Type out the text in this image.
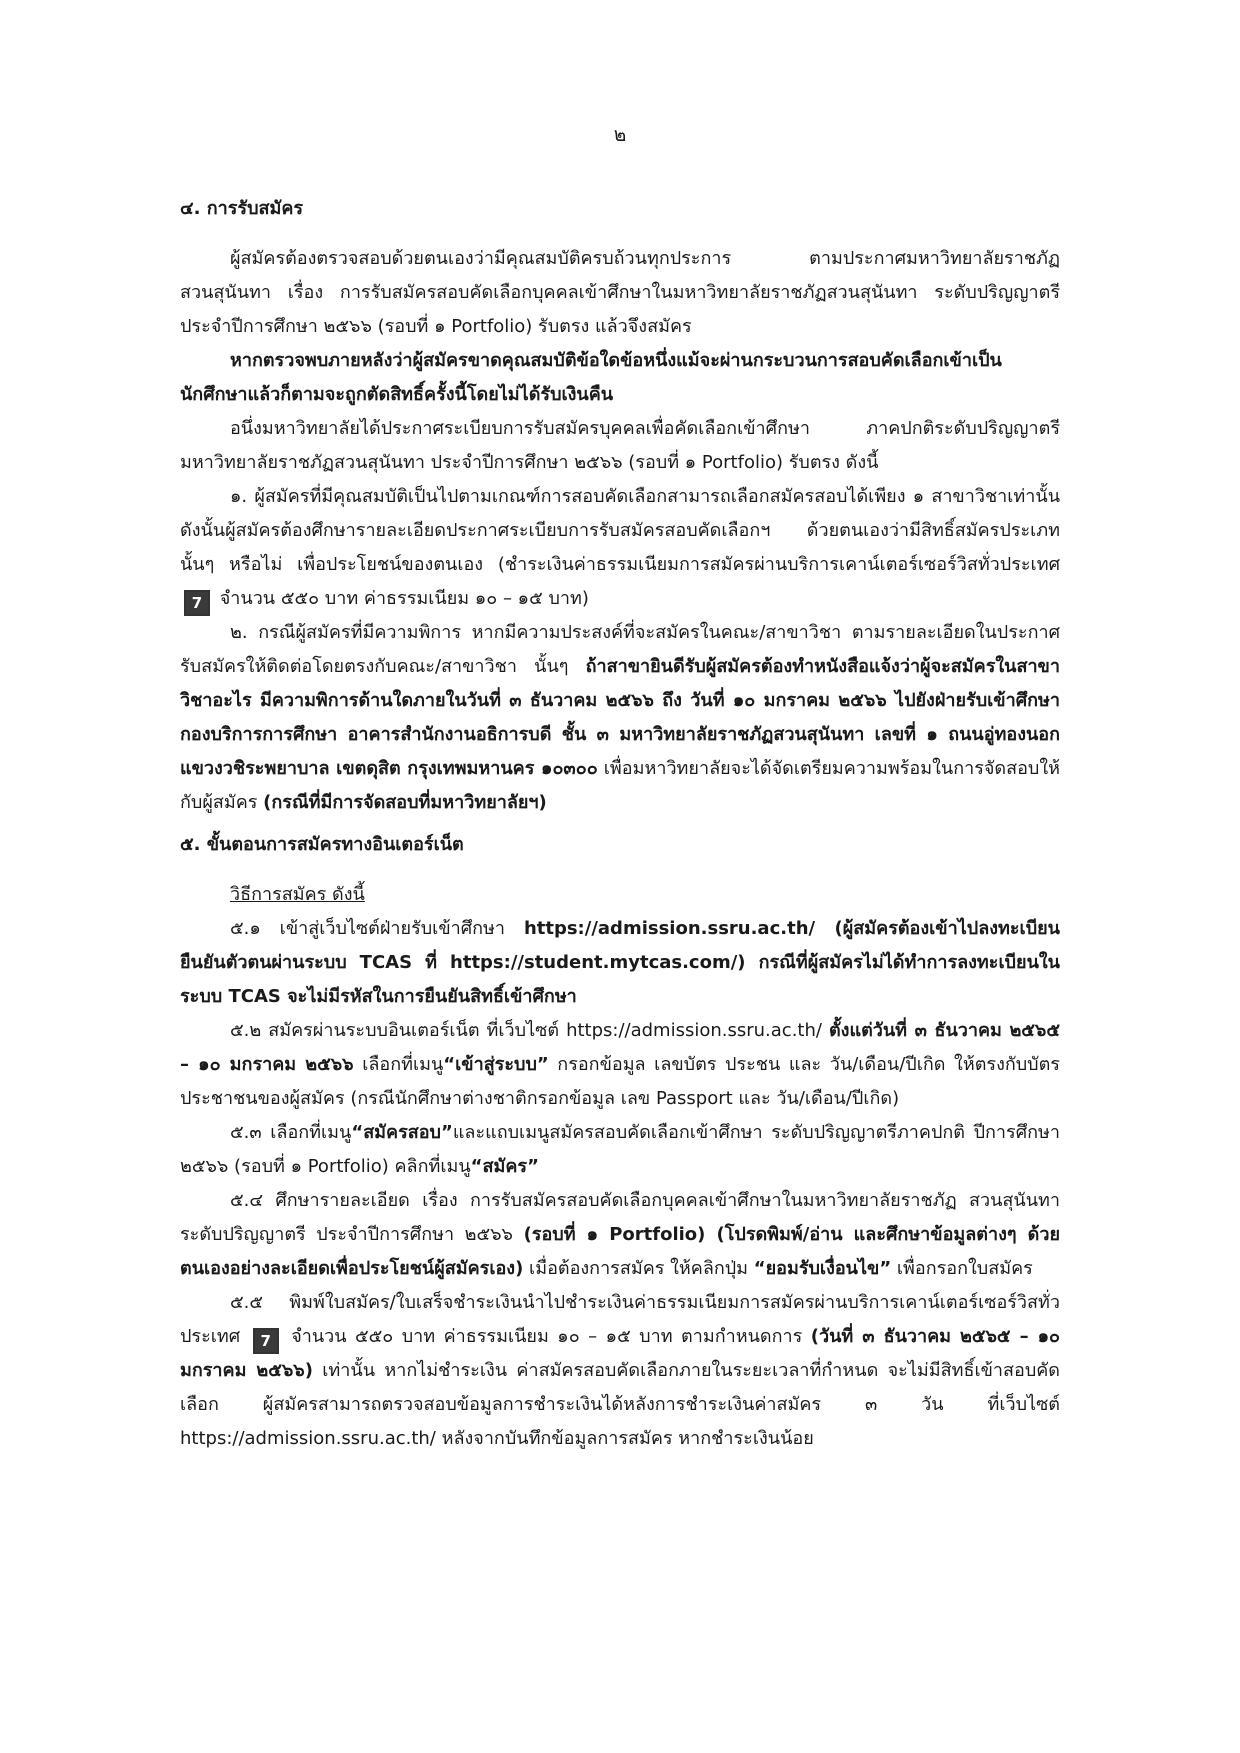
๒

๔. การรับสมัคร

ผู้สมัครต้องตรวจสอบด้วยตนเองว่ามีคุณสมบัติครบถ้วนทุกประการ ตามประกาศมหาวิทยาลัยราชภัฏสวนสุนันทา เรื่อง การรับสมัครสอบคัดเลือกบุคคลเข้าศึกษาในมหาวิทยาลัยราชภัฏสวนสุนันทา ระดับปริญญาตรี ประจำปีการศึกษา ๒๕๖๖ (รอบที่ ๑ Portfolio) รับตรง แล้วจึงสมัคร

หากตรวจพบภายหลังว่าผู้สมัครขาดคุณสมบัติข้อใดข้อหนึ่งแม้จะผ่านกระบวนการสอบคัดเลือกเข้าเป็นนักศึกษาแล้วก็ตามจะถูกตัดสิทธิ์ครั้งนี้โดยไม่ได้รับเงินคืน

อนึ่งมหาวิทยาลัยได้ประกาศระเบียบการรับสมัครบุคคลเพื่อคัดเลือกเข้าศึกษา ภาคปกติระดับปริญญาตรี มหาวิทยาลัยราชภัฏสวนสุนันทา ประจำปีการศึกษา ๒๕๖๖ (รอบที่ ๑ Portfolio) รับตรง ดังนี้

๑. ผู้สมัครที่มีคุณสมบัติเป็นไปตามเกณฑ์การสอบคัดเลือกสามารถเลือกสมัครสอบได้เพียง ๑ สาขาวิชาเท่านั้น ดังนั้นผู้สมัครต้องศึกษารายละเอียดประกาศระเบียบการรับสมัครสอบคัดเลือกฯ ด้วยตนเองว่ามีสิทธิ์สมัครประเภทนั้นๆ หรือไม่ เพื่อประโยชน์ของตนเอง (ชำระเงินค่าธรรมเนียมการสมัครผ่านบริการเคาน์เตอร์เซอร์วิสทั่วประเทศ 7 จำนวน ๕๕๐ บาท ค่าธรรมเนียม ๑๐ – ๑๕ บาท)

๒. กรณีผู้สมัครที่มีความพิการ หากมีความประสงค์ที่จะสมัครในคณะ/สาขาวิชา ตามรายละเอียดในประกาศรับสมัครให้ติดต่อโดยตรงกับคณะ/สาขาวิชา นั้นๆ ถ้าสาขายินดีรับผู้สมัครต้องทำหนังสือแจ้งว่าผู้จะสมัครในสาขาวิชาอะไร มีความพิการด้านใดภายในวันที่ ๓ ธันวาคม ๒๕๖๖ ถึง วันที่ ๑๐ มกราคม ๒๕๖๖ ไปยังฝ่ายรับเข้าศึกษา กองบริการการศึกษา อาคารสำนักงานอธิการบดี ชั้น ๓ มหาวิทยาลัยราชภัฏสวนสุนันทา เลขที่ ๑ ถนนอู่ทองนอก แขวงวชิระพยาบาล เขตดุสิต กรุงเทพมหานคร ๑๐๓๐๐ เพื่อมหาวิทยาลัยจะได้จัดเตรียมความพร้อมในการจัดสอบให้กับผู้สมัคร (กรณีที่มีการจัดสอบที่มหาวิทยาลัยฯ)

๕. ขั้นตอนการสมัครทางอินเตอร์เน็ต

วิธีการสมัคร ดังนี้

๕.๑ เข้าสู่เว็บไซต์ฝ่ายรับเข้าศึกษา https://admission.ssru.ac.th/ (ผู้สมัครต้องเข้าไปลงทะเบียนยืนยันตัวตนผ่านระบบ TCAS ที่ https://student.mytcas.com/) กรณีที่ผู้สมัครไม่ได้ทำการลงทะเบียนในระบบ TCAS จะไม่มีรหัสในการยืนยันสิทธิ์เข้าศึกษา

๕.๒ สมัครผ่านระบบอินเตอร์เน็ต ที่เว็บไซต์ https://admission.ssru.ac.th/ ตั้งแต่วันที่ ๓ ธันวาคม ๒๕๖๕ – ๑๐ มกราคม ๒๕๖๖ เลือกที่เมนู“เข้าสู่ระบบ” กรอกข้อมูล เลขบัตร ประชน และ วัน/เดือน/ปีเกิด ให้ตรงกับบัตรประชาชนของผู้สมัคร (กรณีนักศึกษาต่างชาติกรอกข้อมูล เลข Passport และ วัน/เดือน/ปีเกิด)

๕.๓ เลือกที่เมนู“สมัครสอบ”และแถบเมนูสมัครสอบคัดเลือกเข้าศึกษา ระดับปริญญาตรีภาคปกติ ปีการศึกษา ๒๕๖๖ (รอบที่ ๑ Portfolio) คลิกที่เมนู“สมัคร”

๕.๔ ศึกษารายละเอียด เรื่อง การรับสมัครสอบคัดเลือกบุคคลเข้าศึกษาในมหาวิทยาลัยราชภัฏ สวนสุนันทา ระดับปริญญาตรี ประจำปีการศึกษา ๒๕๖๖ (รอบที่ ๑ Portfolio) (โปรดพิมพ์/อ่าน และศึกษาข้อมูลต่างๆ ด้วยตนเองอย่างละเอียดเพื่อประโยชน์ผู้สมัครเอง) เมื่อต้องการสมัคร ให้คลิกปุ่ม “ยอมรับเงื่อนไข” เพื่อกรอกใบสมัคร

๕.๕ พิมพ์ใบสมัคร/ใบเสร็จชำระเงินนำไปชำระเงินค่าธรรมเนียมการสมัครผ่านบริการเคาน์เตอร์เซอร์วิสทั่วประเทศ 7 จำนวน ๕๕๐ บาท ค่าธรรมเนียม ๑๐ – ๑๕ บาท ตามกำหนดการ (วันที่ ๓ ธันวาคม ๒๕๖๕ – ๑๐ มกราคม ๒๕๖๖) เท่านั้น หากไม่ชำระเงิน ค่าสมัครสอบคัดเลือกภายในระยะเวลาที่กำหนด จะไม่มีสิทธิ์เข้าสอบคัดเลือก ผู้สมัครสามารถตรวจสอบข้อมูลการชำระเงินได้หลังการชำระเงินค่าสมัคร ๓ วัน ที่เว็บไซต์ https://admission.ssru.ac.th/ หลังจากบันทึกข้อมูลการสมัคร หากชำระเงินน้อย
